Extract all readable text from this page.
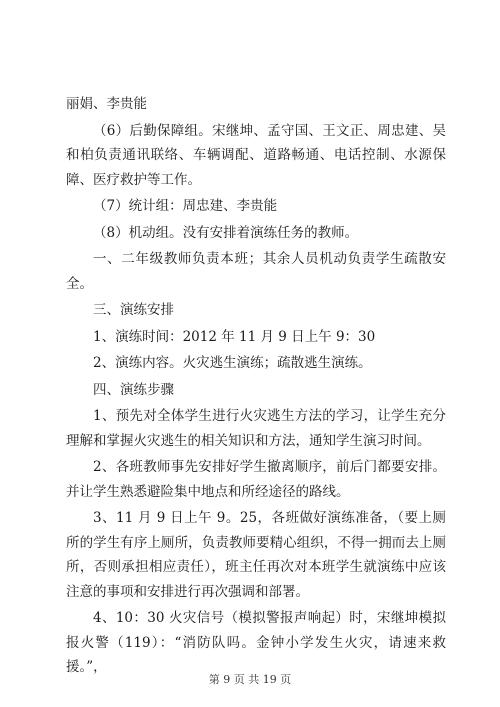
丽娟、李贵能

（6）后勤保障组。宋继坤、孟守国、王文正、周忠建、吴和柏负责通讯联络、车辆调配、道路畅通、电话控制、水源保障、医疗救护等工作。

（7）统计组：周忠建、李贵能

（8）机动组。没有安排着演练任务的教师。

一、二年级教师负责本班；其余人员机动负责学生疏散安全。

三、演练安排

1、演练时间：2012 年 11 月 9 日上午 9：30

2、演练内容。火灾逃生演练；疏散逃生演练。

四、演练步骤

1、预先对全体学生进行火灾逃生方法的学习，让学生充分理解和掌握火灾逃生的相关知识和方法，通知学生演习时间。

2、各班教师事先安排好学生撤离顺序，前后门都要安排。并让学生熟悉避险集中地点和所经途径的路线。

3、11 月 9 日上午 9。25，各班做好演练准备，（要上厕所的学生有序上厕所，负责教师要精心组织，不得一拥而去上厕所，否则承担相应责任），班主任再次对本班学生就演练中应该注意的事项和安排进行再次强调和部署。

4、10：30 火灾信号（模拟警报声响起）时，宋继坤模拟报火警（119）：“消防队吗。金钟小学发生火灾，请速来救援。”，

第 9 页 共 19 页
